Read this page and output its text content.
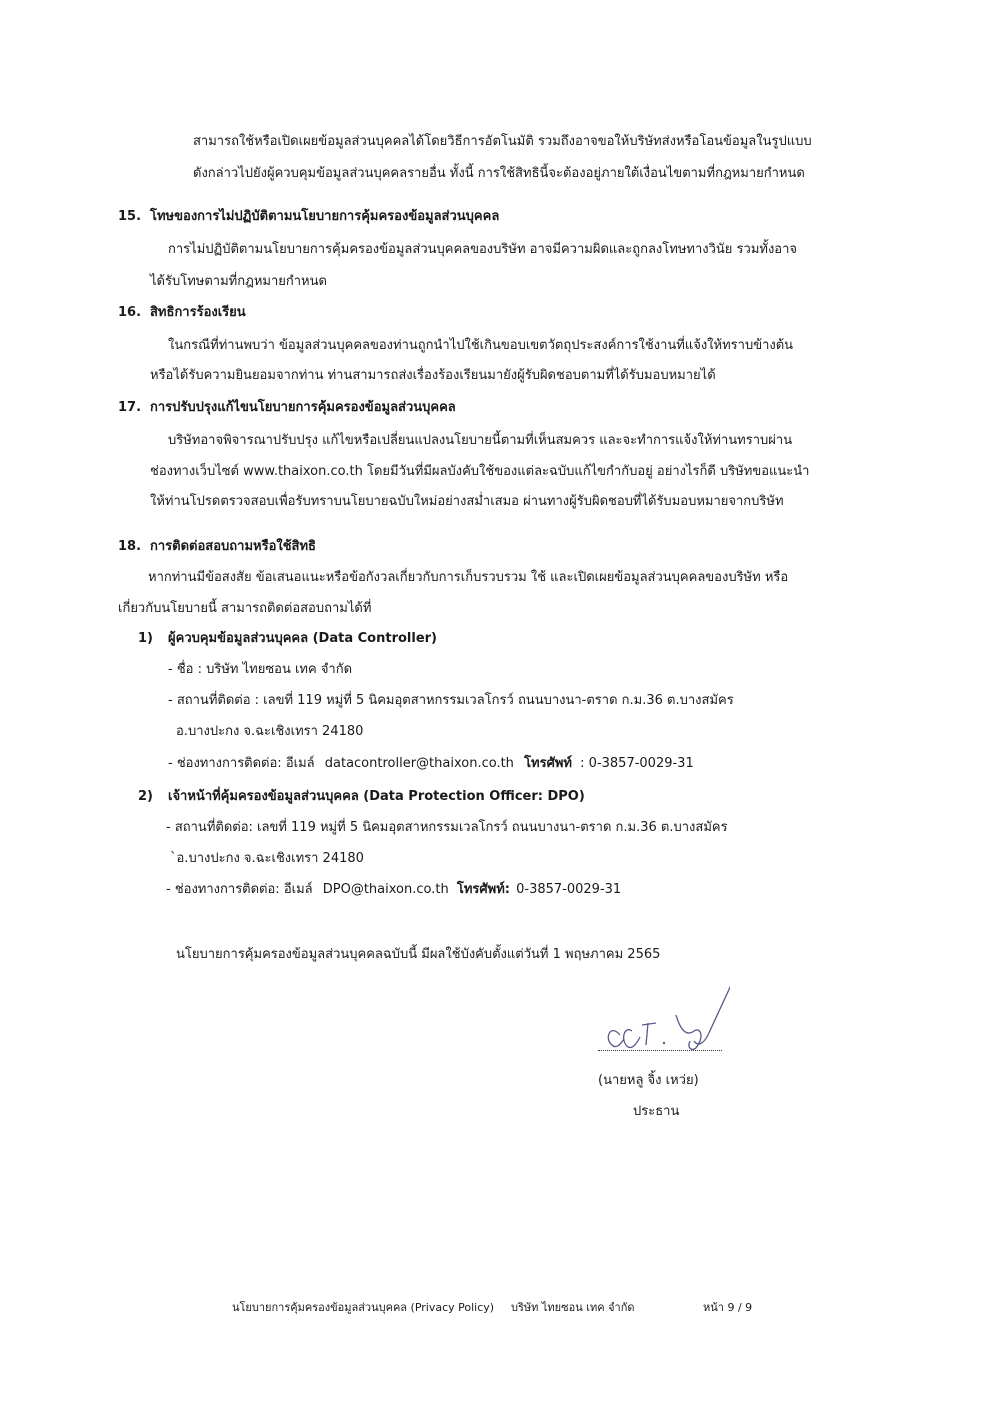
สามารถใช้หรือเปิดเผยข้อมูลส่วนบุคคลได้โดยวิธีการอัตโนมัติ รวมถึงอาจขอให้บริษัทส่งหรือโอนข้อมูลในรูปแบบ
ดังกล่าวไปยังผู้ควบคุมข้อมูลส่วนบุคคลรายอื่น ทั้งนี้ การใช้สิทธินี้จะต้องอยู่ภายใต้เงื่อนไขตามที่กฎหมายกำหนด
15. โทษของการไม่ปฏิบัติตามนโยบายการคุ้มครองข้อมูลส่วนบุคคล
การไม่ปฏิบัติตามนโยบายการคุ้มครองข้อมูลส่วนบุคคลของบริษัท อาจมีความผิดและถูกลงโทษทางวินัย รวมทั้งอาจ
ได้รับโทษตามที่กฎหมายกำหนด
16. สิทธิการร้องเรียน
ในกรณีที่ท่านพบว่า ข้อมูลส่วนบุคคลของท่านถูกนำไปใช้เกินขอบเขตวัตถุประสงค์การใช้งานที่แจ้งให้ทราบข้างต้น
หรือได้รับความยินยอมจากท่าน ท่านสามารถส่งเรื่องร้องเรียนมายังผู้รับผิดชอบตามที่ได้รับมอบหมายได้
17. การปรับปรุงแก้ไขนโยบายการคุ้มครองข้อมูลส่วนบุคคล
บริษัทอาจพิจารณาปรับปรุง แก้ไขหรือเปลี่ยนแปลงนโยบายนี้ตามที่เห็นสมควร และจะทำการแจ้งให้ท่านทราบผ่าน
ช่องทางเว็บไซต์ www.thaixon.co.th โดยมีวันที่มีผลบังคับใช้ของแต่ละฉบับแก้ไขกำกับอยู่ อย่างไรก็ดี บริษัทขอแนะนำ
ให้ท่านโปรดตรวจสอบเพื่อรับทราบนโยบายฉบับใหม่อย่างสม่ำเสมอ ผ่านทางผู้รับผิดชอบที่ได้รับมอบหมายจากบริษัท
18. การติดต่อสอบถามหรือใช้สิทธิ
หากท่านมีข้อสงสัย ข้อเสนอแนะหรือข้อกังวลเกี่ยวกับการเก็บรวบรวม ใช้ และเปิดเผยข้อมูลส่วนบุคคลของบริษัท หรือ
เกี่ยวกับนโยบายนี้ สามารถติดต่อสอบถามได้ที่
1) ผู้ควบคุมข้อมูลส่วนบุคคล (Data Controller)
- ชื่อ : บริษัท ไทยซอน เทค จำกัด
- สถานที่ติดต่อ : เลขที่ 119 หมู่ที่ 5 นิคมอุตสาหกรรมเวลโกรว์ ถนนบางนา-ตราด ก.ม.36 ต.บางสมัคร
อ.บางปะกง จ.ฉะเชิงเทรา 24180
- ช่องทางการติดต่อ: อีเมล์ datacontroller@thaixon.co.th โทรศัพท์ : 0-3857-0029-31
2) เจ้าหน้าที่คุ้มครองข้อมูลส่วนบุคคล (Data Protection Officer: DPO)
- สถานที่ติดต่อ: เลขที่ 119 หมู่ที่ 5 นิคมอุตสาหกรรมเวลโกรว์ ถนนบางนา-ตราด ก.ม.36 ต.บางสมัคร
`อ.บางปะกง จ.ฉะเชิงเทรา 24180
- ช่องทางการติดต่อ: อีเมล์ DPO@thaixon.co.th โทรศัพท์: 0-3857-0029-31
นโยบายการคุ้มครองข้อมูลส่วนบุคคลฉบับนี้ มีผลใช้บังคับตั้งแต่วันที่ 1 พฤษภาคม 2565
(นายหลู จิ้ง เหว่ย)
ประธาน
นโยบายการคุ้มครองข้อมูลส่วนบุคคล (Privacy Policy) บริษัท ไทยซอน เทค จำกัด	หน้า 9 / 9
